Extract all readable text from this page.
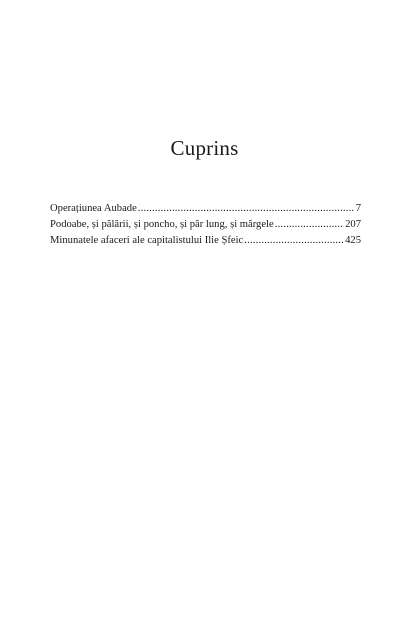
Cuprins
Operațiunea Aubade .....	7
Podoabe, și pălării, și poncho, și păr lung, și mărgele .....	207
Minunatele afaceri ale capitalistului Ilie Șfeic .....	425
